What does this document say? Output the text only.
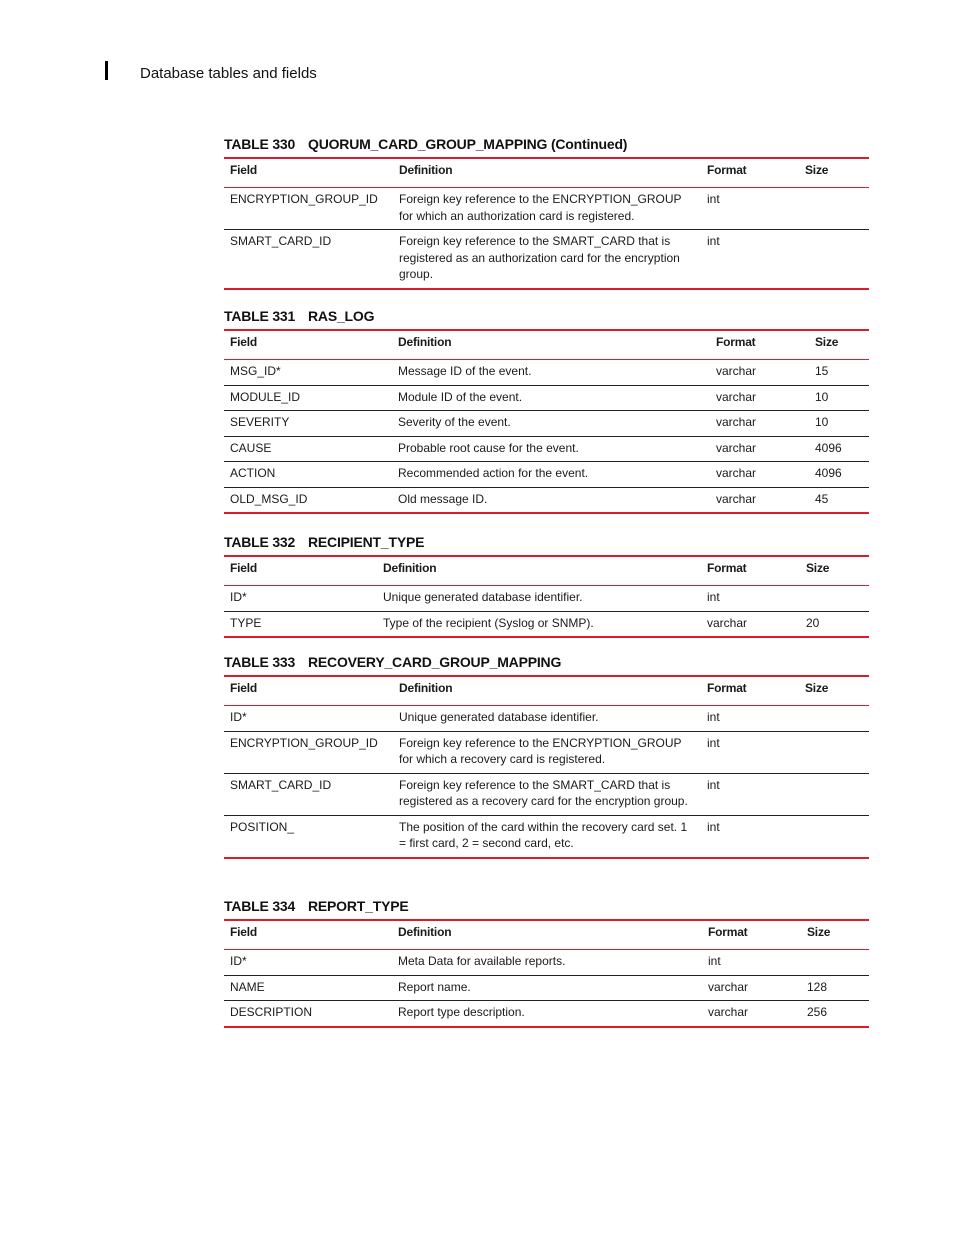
Database tables and fields
TABLE 330 QUORUM_CARD_GROUP_MAPPING (Continued)
Field	Definition	Format	Size
ENCRYPTION_GROUP_ID	Foreign key reference to the ENCRYPTION_GROUP for which an authorization card is registered.	int	
SMART_CARD_ID	Foreign key reference to the SMART_CARD that is registered as an authorization card for the encryption group.	int	
TABLE 331 RAS_LOG
Field	Definition	Format	Size
MSG_ID*	Message ID of the event.	varchar	15
MODULE_ID	Module ID of the event.	varchar	10
SEVERITY	Severity of the event.	varchar	10
CAUSE	Probable root cause for the event.	varchar	4096
ACTION	Recommended action for the event.	varchar	4096
OLD_MSG_ID	Old message ID.	varchar	45
TABLE 332 RECIPIENT_TYPE
Field	Definition	Format	Size
ID*	Unique generated database identifier.	int	
TYPE	Type of the recipient (Syslog or SNMP).	varchar	20
TABLE 333 RECOVERY_CARD_GROUP_MAPPING
Field	Definition	Format	Size
ID*	Unique generated database identifier.	int	
ENCRYPTION_GROUP_ID	Foreign key reference to the ENCRYPTION_GROUP for which a recovery card is registered.	int	
SMART_CARD_ID	Foreign key reference to the SMART_CARD that is registered as a recovery card for the encryption group.	int	
POSITION_	The position of the card within the recovery card set. 1 = first card, 2 = second card, etc.	int	
TABLE 334 REPORT_TYPE
Field	Definition	Format	Size
ID*	Meta Data for available reports.	int	
NAME	Report name.	varchar	128
DESCRIPTION	Report type description.	varchar	256
